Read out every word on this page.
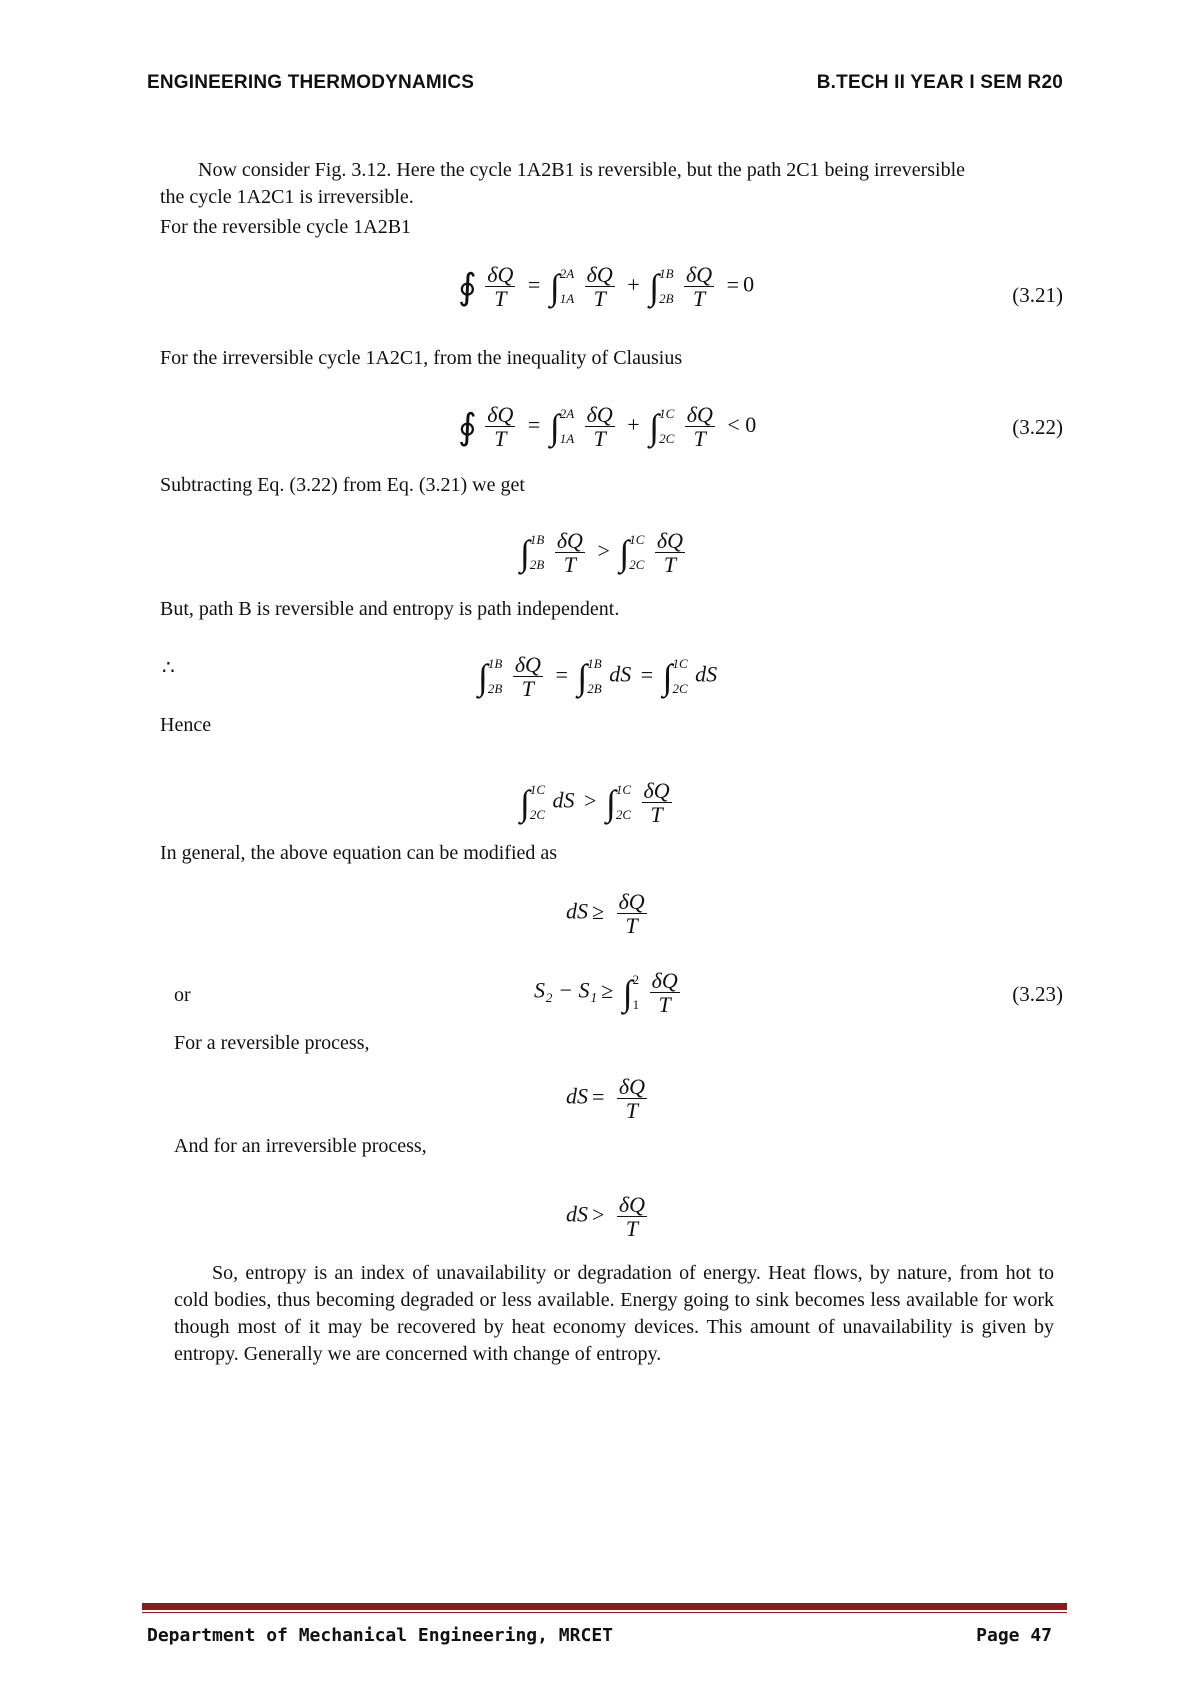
ENGINEERING THERMODYNAMICS	B.TECH II YEAR I SEM R20
Now consider Fig. 3.12. Here the cycle 1A2B1 is reversible, but the path 2C1 being irreversible
the cycle 1A2C1 is irreversible.
For the reversible cycle 1A2B1
∮ $\frac{\delta Q}{T}$ = ∫ 2A
1A
$\frac{\delta Q}{T}$ + ∫ 1B
2B
$\frac{\delta Q}{T} = 0$	(3.21)
For the irreversible cycle 1A2C1, from the inequality of Clausius
∮ $\frac{\delta Q}{T}$ = ∫ 2A
1A
$\frac{\delta Q}{T}$ + ∫ 1C
2C
$\frac{\delta Q}{T} < 0$	(3.22)
Subtracting Eq. (3.22) from Eq. (3.21) we get
∫ 1B
2B
$\frac{\delta Q}{T}$ > ∫ 1C
2C
$\frac{\delta Q}{T}$
But, path B is reversible and entropy is path independent.
∴	∫ 1B
2B
$\frac{\delta Q}{T}$ = ∫ 1B
2B
dS = ∫ 1C
2C
dS
Hence
∫ 1C
2C
dS > ∫ 1C
2C
$\frac{\delta Q}{T}$
In general, the above equation can be modified as
dS ≥ $\frac{\delta Q}{T}$
or	S₂ − S₁ ≥ ∫ 2
1
$\frac{\delta Q}{T}$	(3.23)
For a reversible process,
dS = $\frac{\delta Q}{T}$
And for an irreversible process,
dS > $\frac{\delta Q}{T}$
So, entropy is an index of unavailability or degradation of energy. Heat flows, by nature, from hot to cold bodies, thus becoming degraded or less available. Energy going to sink becomes less available for work though most of it may be recovered by heat economy devices. This amount of unavailability is given by entropy. Generally we are concerned with change of entropy.
Department of Mechanical Engineering, MRCET	Page 47
